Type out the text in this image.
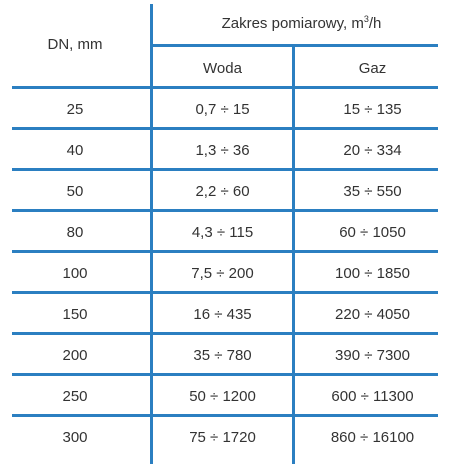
DN, mm
Zakres pomiarowy, $m^3/h$
Woda	Gaz
25	0,7 ÷ 15	15 ÷ 135
40	1,3 ÷ 36	20 ÷ 334
50	2,2 ÷ 60	35 ÷ 550
80	4,3 ÷ 115	60 ÷ 1050
100	7,5 ÷ 200	100 ÷ 1850
150	16 ÷ 435	220 ÷ 4050
200	35 ÷ 780	390 ÷ 7300
250	50 ÷ 1200	600 ÷ 11300
300	75 ÷ 1720	860 ÷ 16100
